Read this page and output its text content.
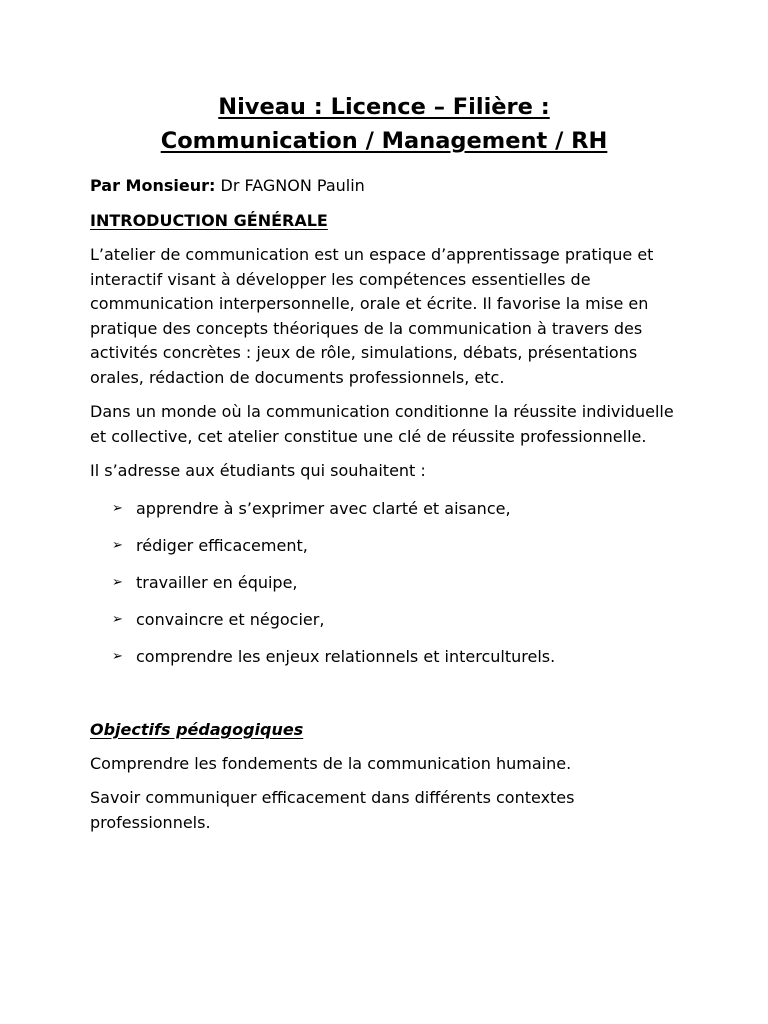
Niveau : Licence – Filière :
Communication / Management / RH
Par Monsieur: Dr FAGNON Paulin
INTRODUCTION GÉNÉRALE

L’atelier de communication est un espace d’apprentissage pratique et interactif visant à développer les compétences essentielles de communication interpersonnelle, orale et écrite. Il favorise la mise en pratique des concepts théoriques de la communication à travers des activités concrètes : jeux de rôle, simulations, débats, présentations orales, rédaction de documents professionnels, etc.

Dans un monde où la communication conditionne la réussite individuelle et collective, cet atelier constitue une clé de réussite professionnelle.

Il s’adresse aux étudiants qui souhaitent :

➢ apprendre à s’exprimer avec clarté et aisance,
➢ rédiger efficacement,
➢ travailler en équipe,
➢ convaincre et négocier,
➢ comprendre les enjeux relationnels et interculturels.
Objectifs pédagogiques

Comprendre les fondements de la communication humaine.

Savoir communiquer efficacement dans différents contextes professionnels.
